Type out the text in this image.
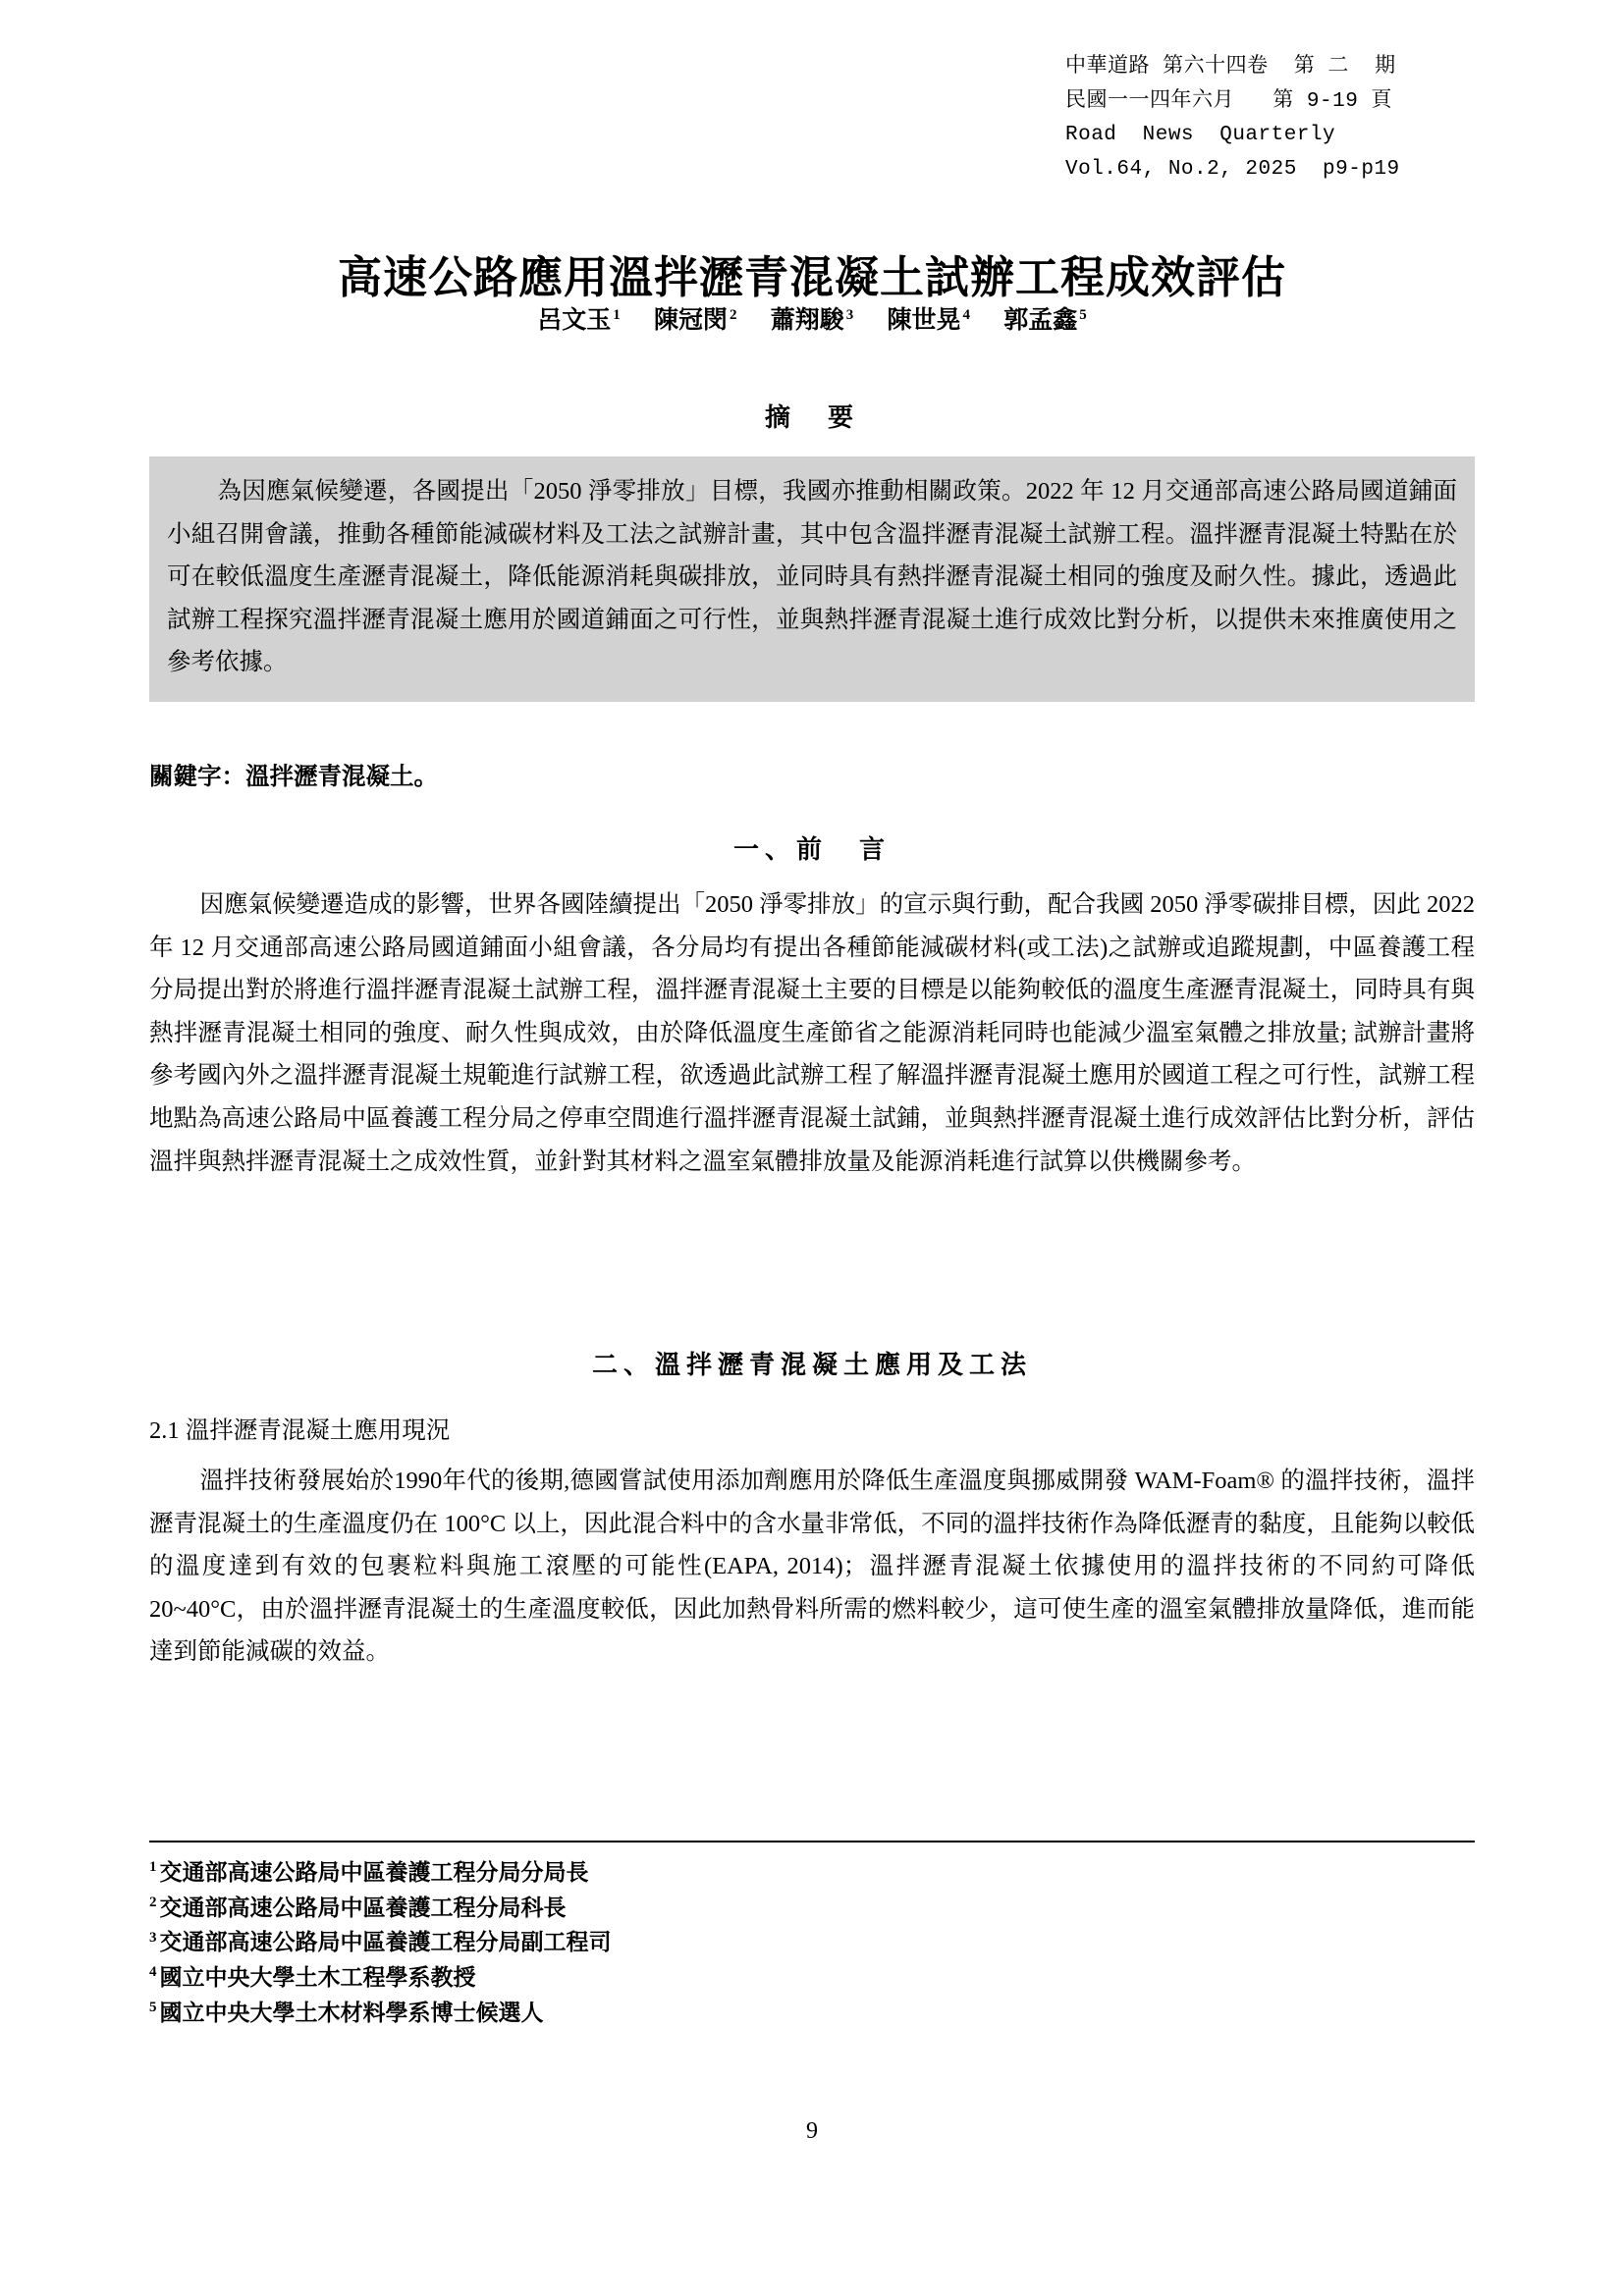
中華道路 第六十四卷  第 二  期
民國一一四年六月   第 9-19 頁
Road  News  Quarterly
Vol.64, No.2, 2025  p9-p19
高速公路應用溫拌瀝青混凝土試辦工程成效評估
呂文玉 $^1$ 陳冠閔 $^2$ 蕭翔駿 $^3$ 陳世晃 $^4$ 郭孟鑫 $^5$
摘　要

為因應氣候變遷，各國提出「2050 淨零排放」目標，我國亦推動相關政策。2022 年 12 月交通部高速公路局國道鋪面小組召開會議，推動各種節能減碳材料及工法之試辦計畫，其中包含溫拌瀝青混凝土試辦工程。溫拌瀝青混凝土特點在於可在較低溫度生產瀝青混凝土，降低能源消耗與碳排放，並同時具有熱拌瀝青混凝土相同的強度及耐久性。據此，透過此試辦工程探究溫拌瀝青混凝土應用於國道鋪面之可行性，並與熱拌瀝青混凝土進行成效比對分析，以提供未來推廣使用之參考依據。

關鍵字：溫拌瀝青混凝土。
一、前　言

因應氣候變遷造成的影響，世界各國陸續提出「2050 淨零排放」的宣示與行動，配合我國 2050 淨零碳排目標，因此 2022 年 12 月交通部高速公路局國道鋪面小組會議，各分局均有提出各種節能減碳材料(或工法)之試辦或追蹤規劃，中區養護工程分局提出對於將進行溫拌瀝青混凝土試辦工程，溫拌瀝青混凝土主要的目標是以能夠較低的溫度生產瀝青混凝土，同時具有與熱拌瀝青混凝土相同的強度、耐久性與成效，由於降低溫度生產節省之能源消耗同時也能減少溫室氣體之排放量; 試辦計畫將參考國內外之溫拌瀝青混凝土規範進行試辦工程，欲透過此試辦工程了解溫拌瀝青混凝土應用於國道工程之可行性，試辦工程地點為高速公路局中區養護工程分局之停車空間進行溫拌瀝青混凝土試鋪，並與熱拌瀝青混凝土進行成效評估比對分析，評估溫拌與熱拌瀝青混凝土之成效性質，並針對其材料之溫室氣體排放量及能源消耗進行試算以供機關參考。

二、溫拌瀝青混凝土應用及工法
2.1 溫拌瀝青混凝土應用現況

溫拌技術發展始於1990年代的後期,德國嘗試使用添加劑應用於降低生產溫度與挪威開發 WAM-Foam® 的溫拌技術，溫拌瀝青混凝土的生產溫度仍在 100°C 以上，因此混合料中的含水量非常低，不同的溫拌技術作為降低瀝青的黏度，且能夠以較低的溫度達到有效的包裹粒料與施工滾壓的可能性(EAPA, 2014)；溫拌瀝青混凝土依據使用的溫拌技術的不同約可降低 20~40°C，由於溫拌瀝青混凝土的生產溫度較低，因此加熱骨料所需的燃料較少，這可使生產的溫室氣體排放量降低，進而能達到節能減碳的效益。

$^1$ 交通部高速公路局中區養護工程分局分局長
$^2$ 交通部高速公路局中區養護工程分局科長
$^3$ 交通部高速公路局中區養護工程分局副工程司
$^4$ 國立中央大學土木工程學系教授
$^5$ 國立中央大學土木材料學系博士候選人
9
